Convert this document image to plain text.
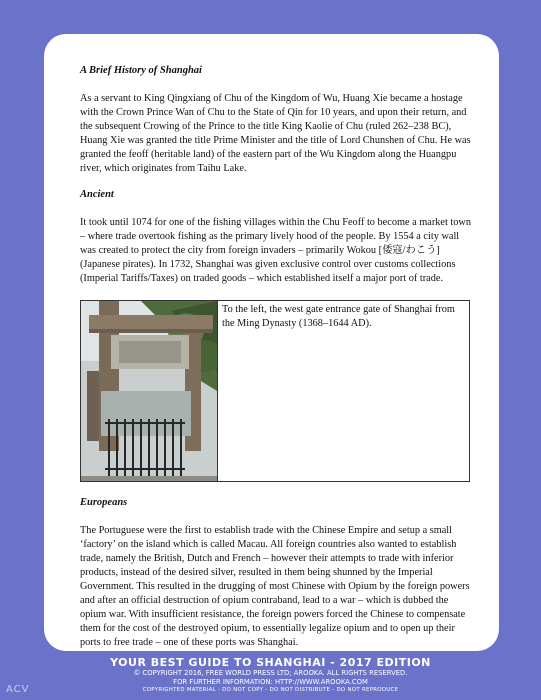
A Brief History of Shanghai

As a servant to King Qingxiang of Chu of the Kingdom of Wu, Huang Xie became a hostage with the Crown Prince Wan of Chu to the State of Qin for 10 years, and upon their return, and the subsequent Crowing of the Prince to the title King Kaolie of Chu (ruled 262–238 BC), Huang Xie was granted the title Prime Minister and the title of Lord Chunshen of Chu. He was granted the feoff (heritable land) of the eastern part of the Wu Kingdom along the Huangpu river, which originates from Taihu Lake.

Ancient

It took until 1074 for one of the fishing villages within the Chu Feoff to become a market town – where trade overtook fishing as the primary lively hood of the people. By 1554 a city wall was created to protect the city from foreign invaders – primarily Wokou [倭寇/わこう] (Japanese pirates). In 1732, Shanghai was given exclusive control over customs collections (Imperial Tariffs/Taxes) on traded goods – which established itself a major port of trade.

	To the left, the west gate entrance gate of Shanghai from the Ming Dynasty (1368–1644 AD).
Europeans

The Portuguese were the first to establish trade with the Chinese Empire and setup a small ‘factory’ on the island which is called Macau. All foreign countries also wanted to establish trade, namely the British, Dutch and French – however their attempts to trade with inferior products, instead of the desired silver, resulted in them being shunned by the Imperial Government. This resulted in the drugging of most Chinese with Opium by the foreign powers and after an official destruction of opium contraband, lead to a war – which is dubbed the opium war. With insufficient resistance, the foreign powers forced the Chinese to compensate them for the cost of the destroyed opium, to essentially legalize opium and to open up their ports to free trade – one of these ports was Shanghai.

YOUR BEST GUIDE TO SHANGHAI - 2017 EDITION
© COPYRIGHT 2016, FREE WORLD PRESS LTD; AROOKA. ALL RIGHTS RESERVED.
FOR FURTHER INFORMATION: HTTP://WWW.AROOKA.COM
COPYRIGHTED MATERIAL - DO NOT COPY - DO NOT DISTRIBUTE - DO NOT REPRODUCE
ACV
